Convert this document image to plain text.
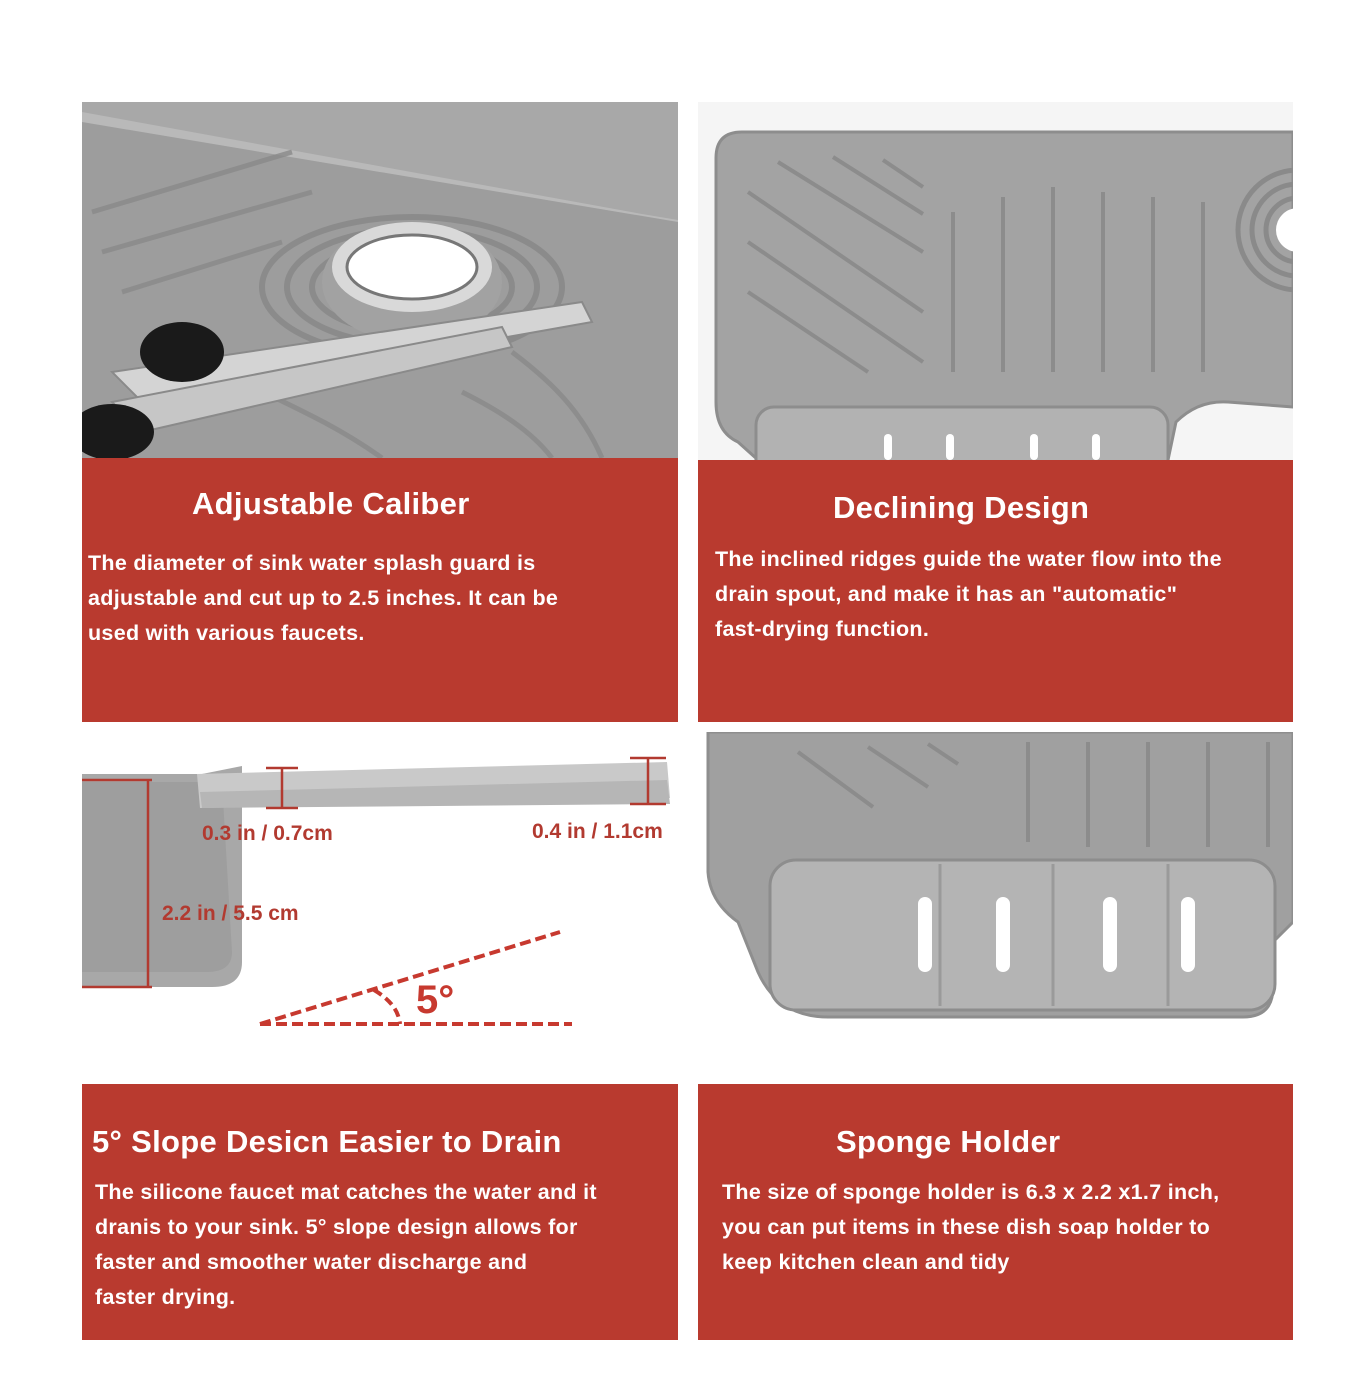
Adjustable Caliber
The diameter of sink water splash guard is
adjustable and cut up to 2.5 inches. It can be
used with various faucets.
Declining Design
The inclined ridges guide the water flow into the
drain spout, and make it has an "automatic"
fast-drying function.
0.3 in / 0.7cm	0.4 in / 1.1cm
2.2 in / 5.5 cm
5°
5° Slope Desicn Easier to Drain
The silicone faucet mat catches the water and it
dranis to your sink. 5° slope design allows for
faster and smoother water discharge and
faster drying.
Sponge Holder
The size of sponge holder is 6.3 x 2.2 x1.7 inch,
you can put items in these dish soap holder to
keep kitchen clean and tidy
